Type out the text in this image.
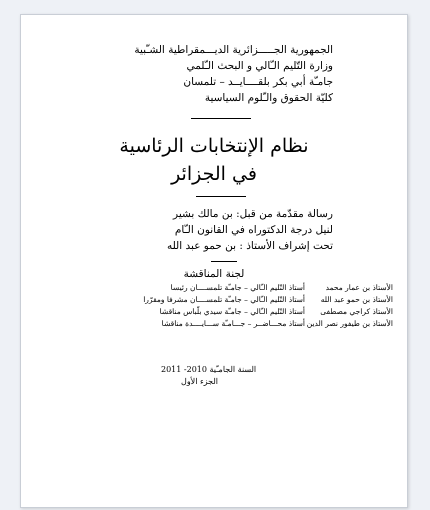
الجمهورية الجـــــزائرية الديـــمقراطية الشـّبية
وزارة التّليم الـّالي و البحث الـّلمي
جامـّة أبي بكر بلقــــايــد – تلمسان
كليّة الحقوق والـّلوم السياسية
نظام الإنتخابات الرئاسية
في الجزائر
رسالة مقدّمة من قبل: بن مالك بشير
لنيل درجة الدكتوراه في القانون الـّام
تحت إشراف الأستاذ : بن حمو عبد الله
لجنة المناقشة
الأستاذ بن عمار محمد
أستاذ التّليم الـّالي – جامـّة تلمســــان رئيسا
الأستاذ بن حمو عبد الله
أستاذ التّليم الـّالي – جامـّة تلمســــان مشرفا ومقرّرا
الأستاذ كراجي مصطفى
أستاذ التّليم الـّالي – جامـّة سيدي بلّباس مناقشا
الأستاذ بن طيفور نصر الدين
أستاذ محـــاضــر – جـــامـّة ســـايــــدة مناقشا
السنة الجامـّية 2010- 2011
الجزء الأول
